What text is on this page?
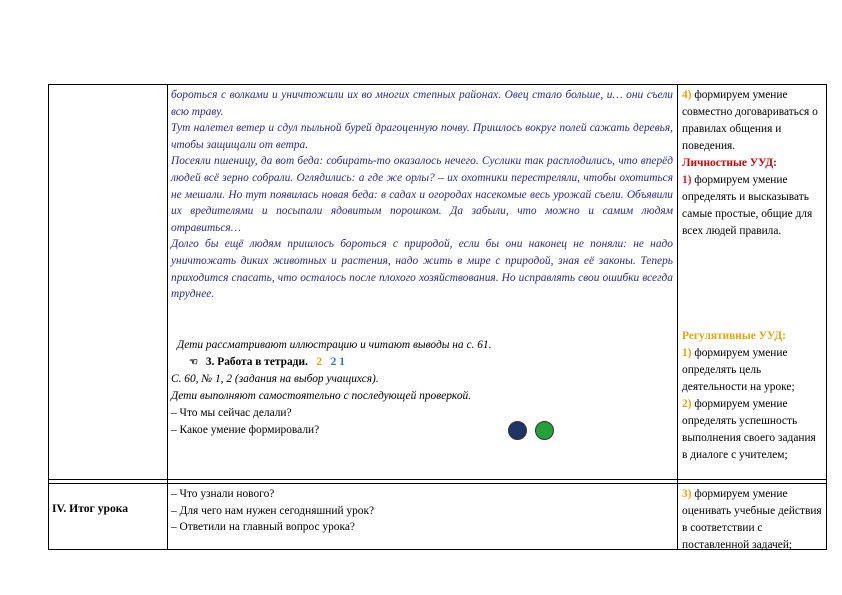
бороться с волками и уничтожили их во многих степных районах. Овец стало больше, и… они съели всю траву.

Тут налетел ветер и сдул пыльной бурей драгоценную почву. Пришлось вокруг полей сажать деревья, чтобы защищали от ветра.

Посеяли пшеницу, да вот беда: собирать-то оказалось нечего. Суслики так расплодились, что вперёд людей всё зерно собрали. Оглядились: а где же орлы? – их охотники перестреляли, чтобы охотиться не мешали. Но тут появилась новая беда: в садах и огородах насекомые весь урожай съели. Объявили их вредителями и посыпали ядовитым порошком. Да забыли, что можно и самим людям отравиться…

Долго бы ещё людям пришлось бороться с природой, если бы они наконец не поняли: не надо уничтожать диких животных и растения, надо жить в мире с природой, зная её законы. Теперь приходится спасать, что осталось после плохого хозяйствования. Но исправлять свои ошибки всегда труднее.

Дети рассматривают иллюстрацию и читают выводы на с. 61.
☜ 3. Работа в тетради. 2 2 1
С. 60, № 1, 2 (задания на выбор учащихся).
Дети выполняют самостоятельно с последующей проверкой.
– Что мы сейчас делали?
– Какое умение формировали?
4) формируем умение совместно договариваться о правилах общения и поведения.
Личностные УУД:
1) формируем умение определять и высказывать самые простые, общие для всех людей правила.
Регулятивные УУД:
1) формируем умение определять цель деятельности на уроке;
2) формируем умение определять успешность выполнения своего задания в диалоге с учителем;
3) формируем умение оценивать учебные действия в соответствии с поставленной задачей;
IV. Итог урока
– Что узнали нового?
– Для чего нам нужен сегодняшний урок?
– Ответили на главный вопрос урока?
